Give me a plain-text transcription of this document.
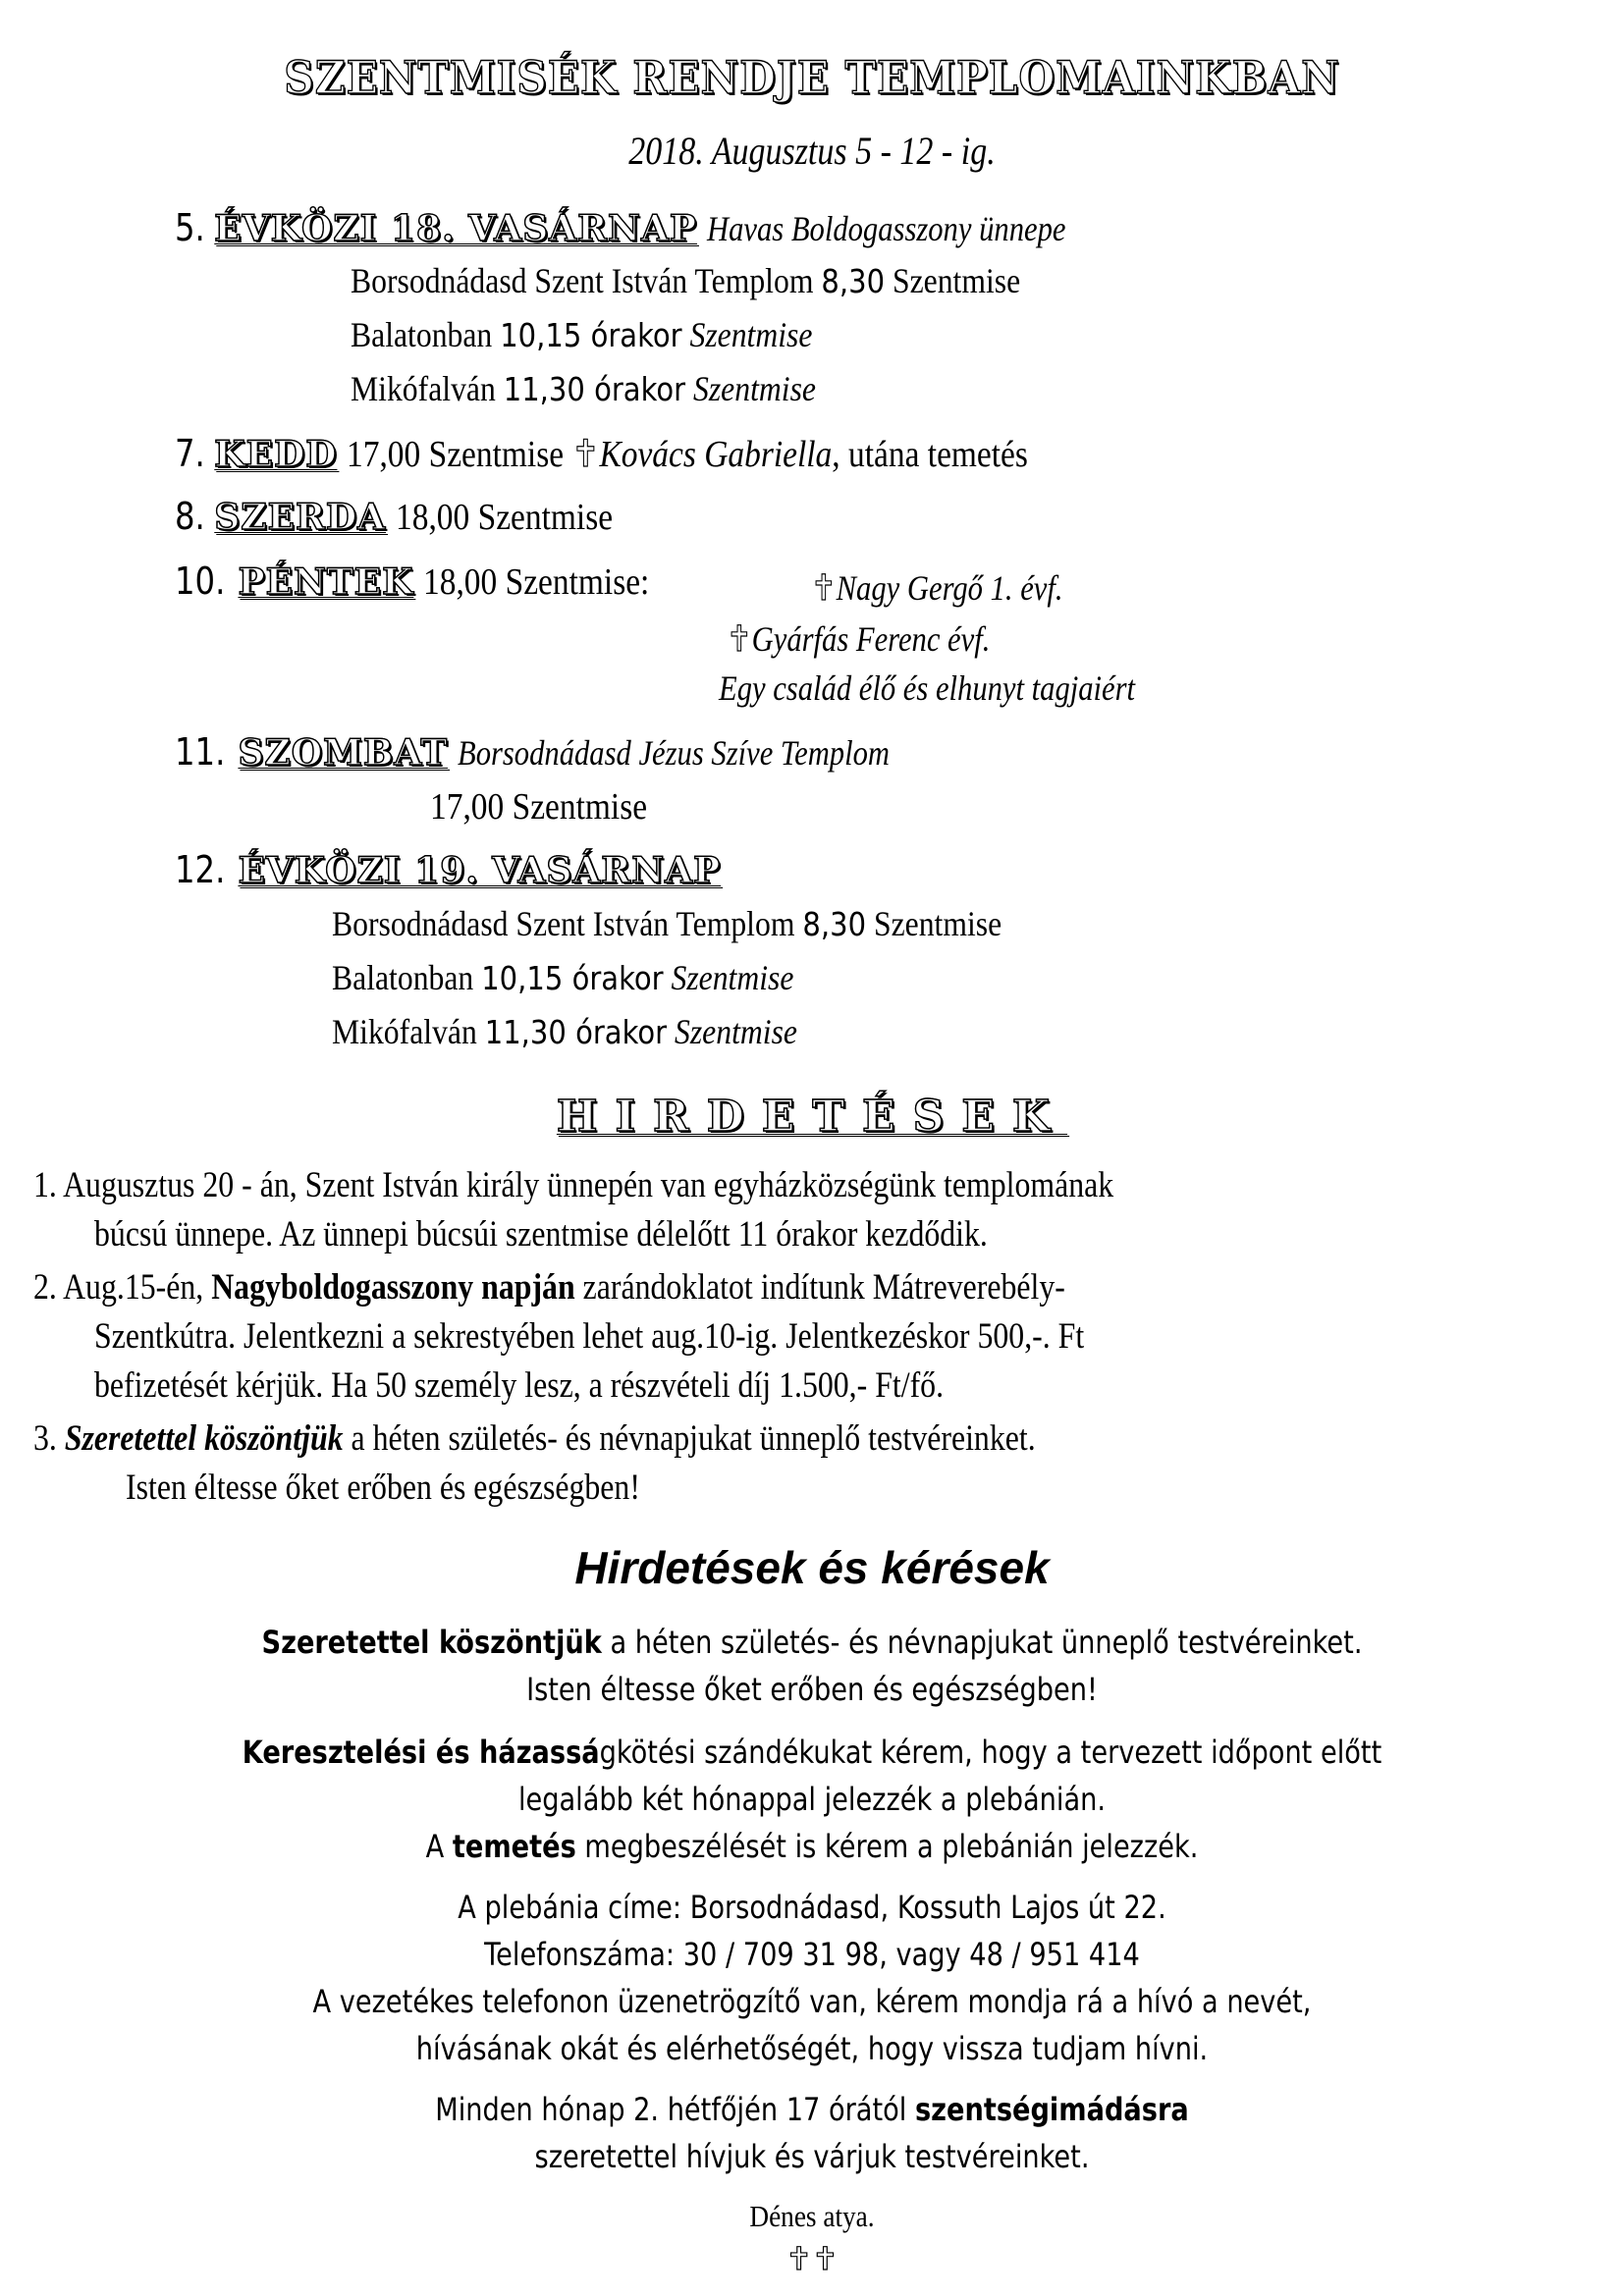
SZENTMISÉK RENDJE TEMPLOMAINKBAN
2018. Augusztus 5 - 12 - ig.
5. ÉVKÖZI 18. VASÁRNAP Havas Boldogasszony ünnepe
Borsodnádasd Szent István Templom 8,30 Szentmise
Balatonban 10,15 órakor Szentmise
Mikófalván 11,30 órakor Szentmise
7. KEDD 17,00 Szentmise ✝Kovács Gabriella, utána temetés
8. SZERDA 18,00 Szentmise
10. PÉNTEK 18,00 Szentmise:	✝Nagy Gergő 1. évf.
✝Gyárfás Ferenc évf.
Egy család élő és elhunyt tagjaiért
11. SZOMBAT Borsodnádasd Jézus Szíve Templom
17,00 Szentmise
12. ÉVKÖZI 19. VASÁRNAP
Borsodnádasd Szent István Templom 8,30 Szentmise
Balatonban 10,15 órakor Szentmise
Mikófalván 11,30 órakor Szentmise
HIRDETÉSEK
1. Augusztus 20 - án, Szent István király ünnepén van egyházközségünk templomának
búcsú ünnepe. Az ünnepi búcsúi szentmise délelőtt 11 órakor kezdődik.
2. Aug.15-én, Nagyboldogasszony napján zarándoklatot indítunk Mátreverebély-
Szentkútra. Jelentkezni a sekrestyében lehet aug.10-ig. Jelentkezéskor 500,-. Ft
befizetését kérjük. Ha 50 személy lesz, a részvételi díj 1.500,- Ft/fő.
3. Szeretettel köszöntjük a héten születés- és névnapjukat ünneplő testvéreinket.
Isten éltesse őket erőben és egészségben!
Hirdetések és kérések
Szeretettel köszöntjük a héten születés- és névnapjukat ünneplő testvéreinket.
Isten éltesse őket erőben és egészségben!
Keresztelési és házasságkötési szándékukat kérem, hogy a tervezett időpont előtt
legalább két hónappal jelezzék a plebánián.
A temetés megbeszélését is kérem a plebánián jelezzék.
A plebánia címe: Borsodnádasd, Kossuth Lajos út 22.
Telefonszáma: 30 / 709 31 98, vagy 48 / 951 414
A vezetékes telefonon üzenetrögzítő van, kérem mondja rá a hívó a nevét,
hívásának okát és elérhetőségét, hogy vissza tudjam hívni.
Minden hónap 2. hétfőjén 17 órától szentségimádásra
szeretettel hívjuk és várjuk testvéreinket.
Dénes atya.
✝✝
